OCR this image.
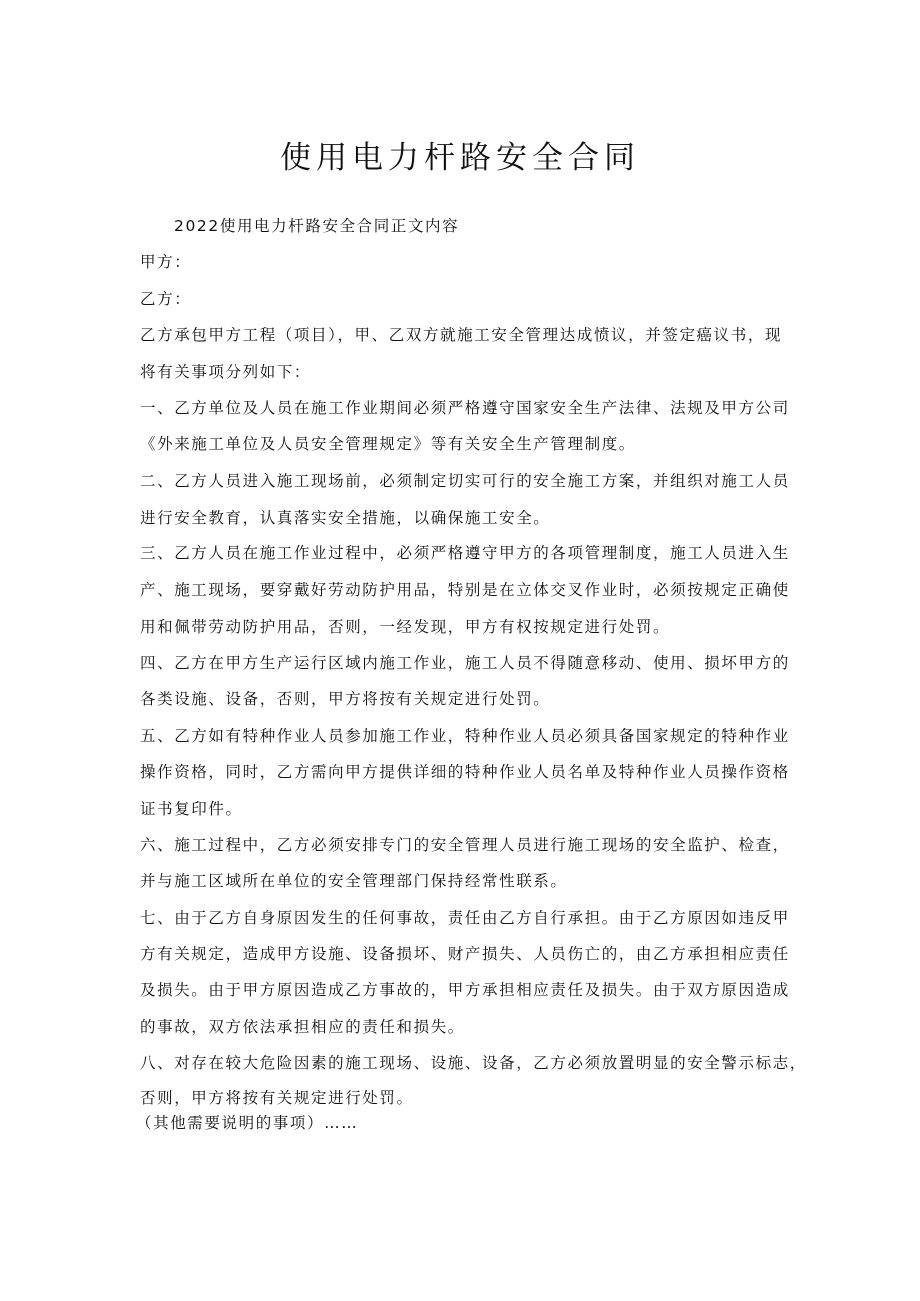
使用电力杆路安全合同
2022使用电力杆路安全合同正文内容
甲方：
乙方：
乙方承包甲方工程（项目），甲、乙双方就施工安全管理达成愤议，并签定癌议书，现
将有关事项分列如下：
一、乙方单位及人员在施工作业期间必须严格遵守国家安全生产法律、法规及甲方公司
《外来施工单位及人员安全管理规定》等有关安全生产管理制度。
二、乙方人员进入施工现场前，必须制定切实可行的安全施工方案，并组织对施工人员
进行安全教育，认真落实安全措施，以确保施工安全。
三、乙方人员在施工作业过程中，必须严格遵守甲方的各项管理制度，施工人员进入生
产、施工现场，要穿戴好劳动防护用品，特别是在立体交叉作业时，必须按规定正确使
用和佩带劳动防护用品，否则，一经发现，甲方有权按规定进行处罚。
四、乙方在甲方生产运行区域内施工作业，施工人员不得随意移动、使用、损坏甲方的
各类设施、设备，否则，甲方将按有关规定进行处罚。
五、乙方如有特种作业人员参加施工作业，特种作业人员必须具备国家规定的特种作业
操作资格，同时，乙方需向甲方提供详细的特种作业人员名单及特种作业人员操作资格
证书复印件。
六、施工过程中，乙方必须安排专门的安全管理人员进行施工现场的安全监护、检查，
并与施工区域所在单位的安全管理部门保持经常性联系。
七、由于乙方自身原因发生的任何事故，责任由乙方自行承担。由于乙方原因如违反甲
方有关规定，造成甲方设施、设备损坏、财产损失、人员伤亡的，由乙方承担相应责任
及损失。由于甲方原因造成乙方事故的，甲方承担相应责任及损失。由于双方原因造成
的事故，双方依法承担相应的责任和损失。
八、对存在较大危险因素的施工现场、设施、设备，乙方必须放置明显的安全警示标志，
否则，甲方将按有关规定进行处罚。
（其他需要说明的事项）……
